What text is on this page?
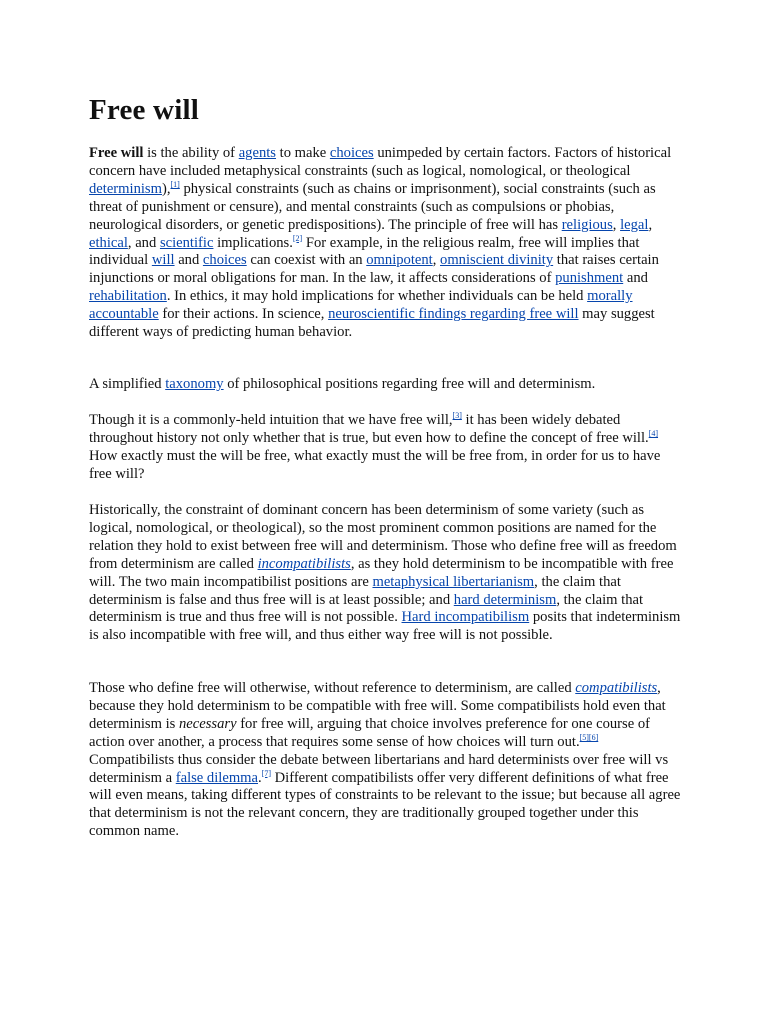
Free will

Free will is the ability of agents to make choices unimpeded by certain factors. Factors of historical concern have included metaphysical constraints (such as logical, nomological, or theological determinism),[1] physical constraints (such as chains or imprisonment), social constraints (such as threat of punishment or censure), and mental constraints (such as compulsions or phobias, neurological disorders, or genetic predispositions). The principle of free will has religious, legal, ethical, and scientific implications.[2] For example, in the religious realm, free will implies that individual will and choices can coexist with an omnipotent, omniscient divinity that raises certain injunctions or moral obligations for man. In the law, it affects considerations of punishment and rehabilitation. In ethics, it may hold implications for whether individuals can be held morally accountable for their actions. In science, neuroscientific findings regarding free will may suggest different ways of predicting human behavior.

A simplified taxonomy of philosophical positions regarding free will and determinism.

Though it is a commonly-held intuition that we have free will,[3] it has been widely debated throughout history not only whether that is true, but even how to define the concept of free will.[4] How exactly must the will be free, what exactly must the will be free from, in order for us to have free will?

Historically, the constraint of dominant concern has been determinism of some variety (such as logical, nomological, or theological), so the most prominent common positions are named for the relation they hold to exist between free will and determinism. Those who define free will as freedom from determinism are called incompatibilists, as they hold determinism to be incompatible with free will. The two main incompatibilist positions are metaphysical libertarianism, the claim that determinism is false and thus free will is at least possible; and hard determinism, the claim that determinism is true and thus free will is not possible. Hard incompatibilism posits that indeterminism is also incompatible with free will, and thus either way free will is not possible.

Those who define free will otherwise, without reference to determinism, are called compatibilists, because they hold determinism to be compatible with free will. Some compatibilists hold even that determinism is necessary for free will, arguing that choice involves preference for one course of action over another, a process that requires some sense of how choices will turn out.[5][6] Compatibilists thus consider the debate between libertarians and hard determinists over free will vs determinism a false dilemma.[7] Different compatibilists offer very different definitions of what free will even means, taking different types of constraints to be relevant to the issue; but because all agree that determinism is not the relevant concern, they are traditionally grouped together under this common name.
